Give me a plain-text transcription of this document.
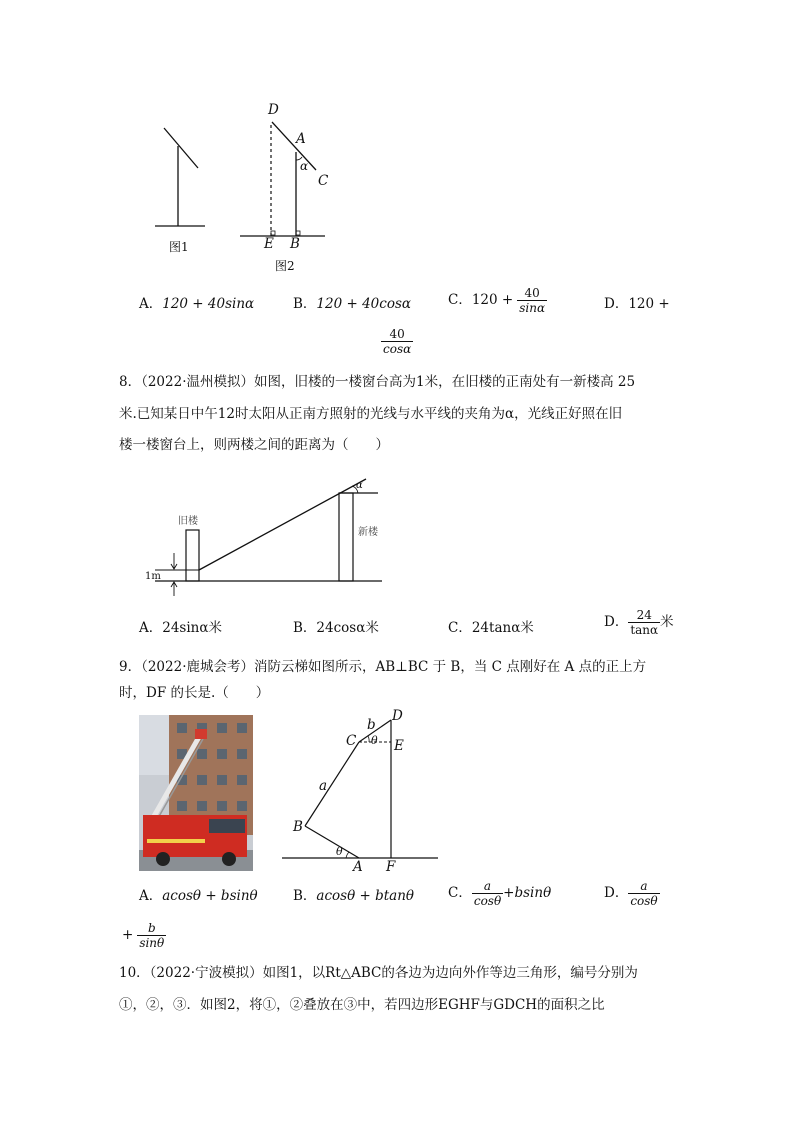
D
A
α
C
E B
图1
图2
A．120 + 40sinα	B．120 + 40cosα	C． $120 + \frac{40}{\sin\alpha}$	D．120 +
$\frac{40}{\cos\alpha}$
8．（2022·温州模拟）如图，旧楼的一楼窗台高为1米，在旧楼的正南处有一新楼高 25
米.已知某日中午12时太阳从正南方照射的光线与水平线的夹角为α，光线正好照在旧
楼一楼窗台上，则两楼之间的距离为（　　）
旧楼
新楼
1m
α
A．24sinα米	B．24cosα米	C．24tanα米	D． $\frac{24}{\tan\alpha}$ 米
9．（2022·鹿城会考）消防云梯如图所示，AB⊥BC 于 B，当 C 点刚好在 A 点的正上方
时，DF 的长是.（　　）
D
b
C θ E
a
B
θ
A F
A．acosθ + bsinθ	B．acosθ + btanθ	C． $\frac{a}{\cos\theta} +bsin\theta$	D． $\frac{a}{\cos\theta}$
+ $\frac{b}{\sin\theta}$
10．（2022·宁波模拟）如图1，以Rt△ABC的各边为边向外作等边三角形，编号分别为
①，②，③．如图2，将①，②叠放在③中，若四边形EGHF与GDCH的面积之比
